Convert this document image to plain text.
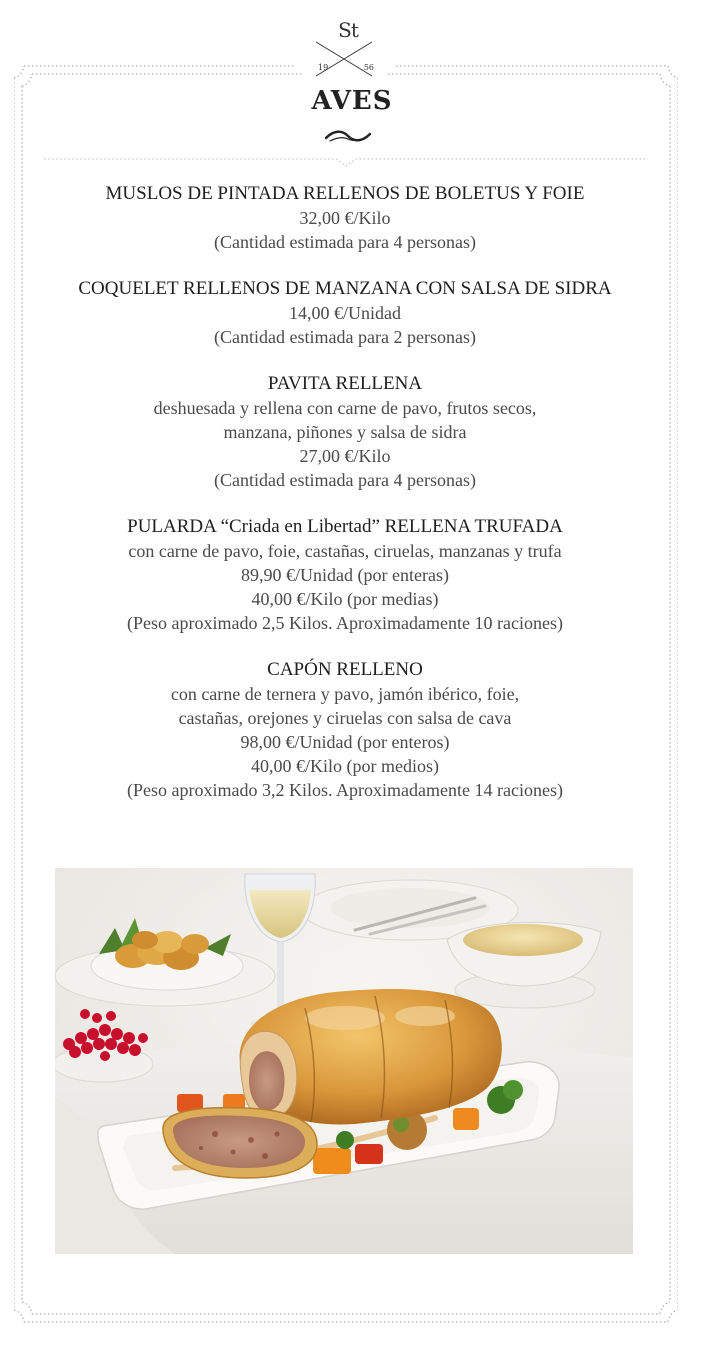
St
19	56
AVES
MUSLOS DE PINTADA RELLENOS DE BOLETUS Y FOIE

32,00 €/Kilo

(Cantidad estimada para 4 personas)

COQUELET RELLENOS DE MANZANA CON SALSA DE SIDRA

14,00 €/Unidad

(Cantidad estimada para 2 personas)

PAVITA RELLENA

deshuesada y rellena con carne de pavo, frutos secos,

manzana, piñones y salsa de sidra

27,00 €/Kilo

(Cantidad estimada para 4 personas)

PULARDA “Criada en Libertad” RELLENA TRUFADA

con carne de pavo, foie, castañas, ciruelas, manzanas y trufa

89,90 €/Unidad (por enteras)

40,00 €/Kilo (por medias)

(Peso aproximado 2,5 Kilos. Aproximadamente 10 raciones)

CAPÓN RELLENO

con carne de ternera y pavo, jamón ibérico, foie,

castañas, orejones y ciruelas con salsa de cava

98,00 €/Unidad (por enteros)

40,00 €/Kilo (por medios)

(Peso aproximado 3,2 Kilos. Aproximadamente 14 raciones)
